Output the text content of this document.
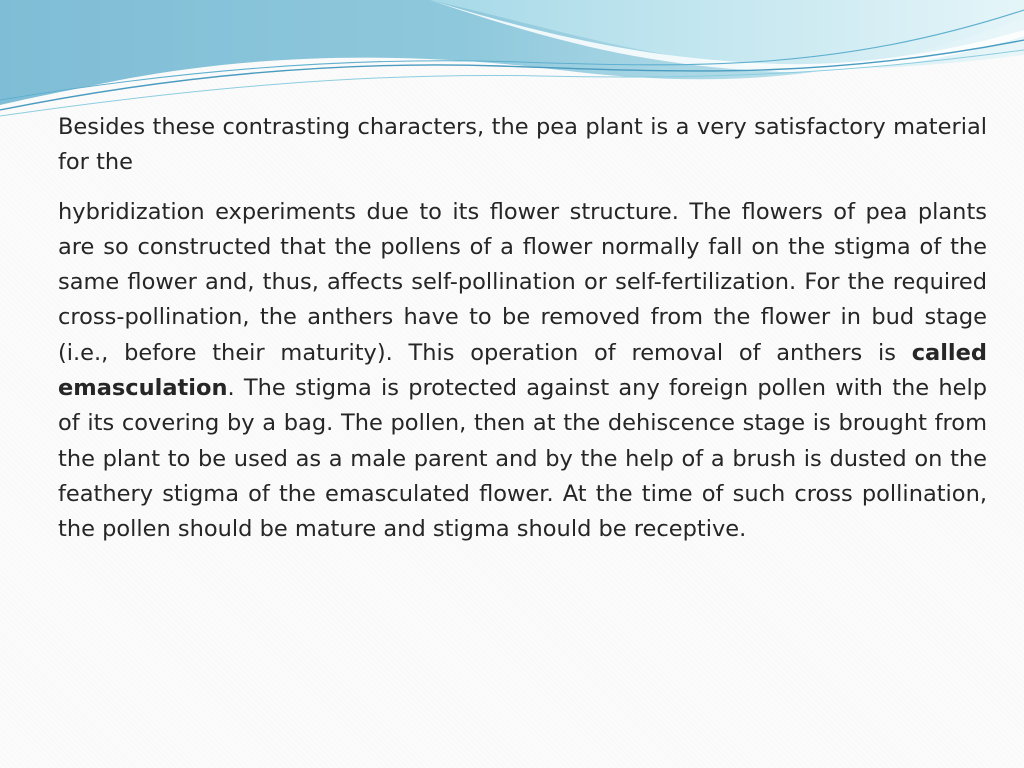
Besides these contrasting characters, the pea plant is a very satisfactory material for the

hybridization experiments due to its flower structure. The flowers of pea plants are so constructed that the pollens of a flower normally fall on the stigma of the same flower and, thus, affects self-pollination or self-fertilization. For the required cross-pollination, the anthers have to be removed from the flower in bud stage (i.e., before their maturity). This operation of removal of anthers is called emasculation. The stigma is protected against any foreign pollen with the help of its covering by a bag. The pollen, then at the dehiscence stage is brought from the plant to be used as a male parent and by the help of a brush is dusted on the feathery stigma of the emasculated flower. At the time of such cross pollination, the pollen should be mature and stigma should be receptive.
